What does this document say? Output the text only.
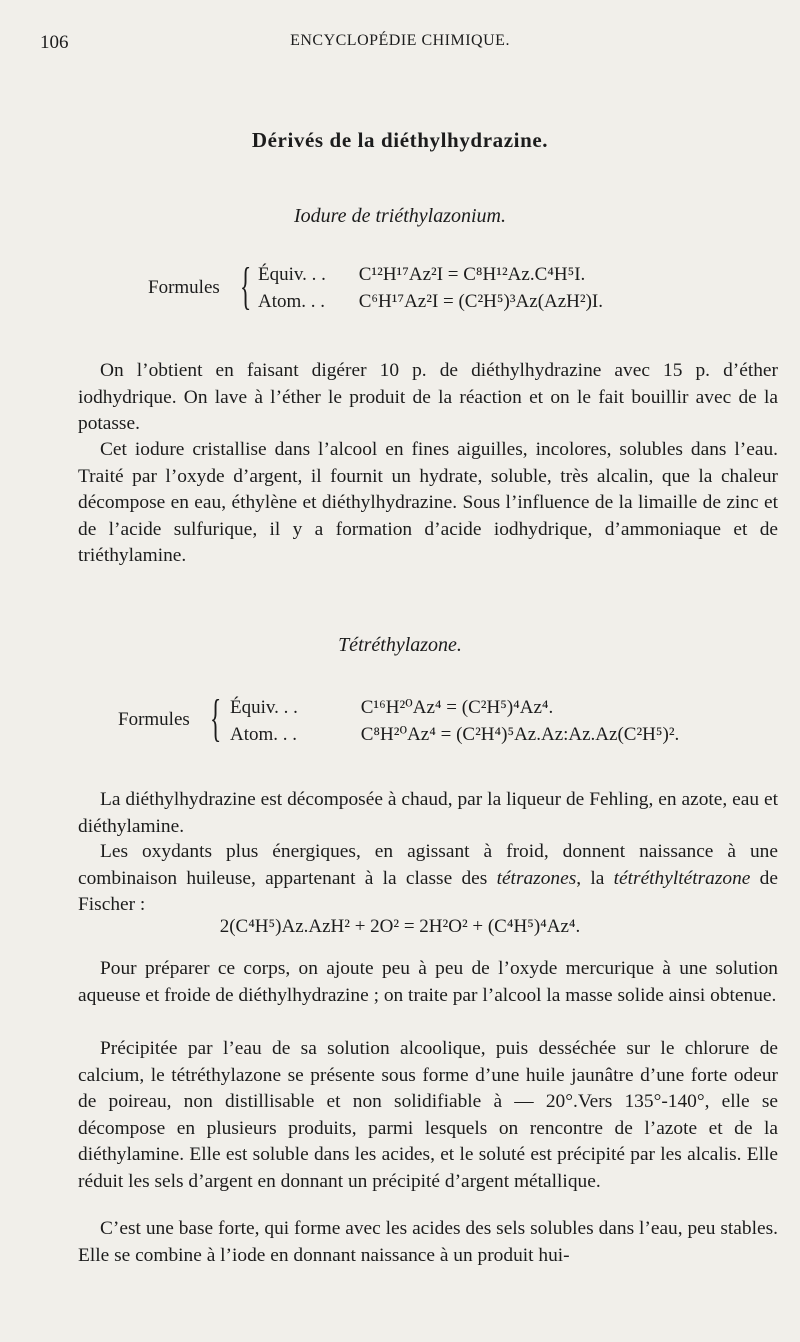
106	ENCYCLOPÉDIE CHIMIQUE.
Dérivés de la diéthylhydrazine.
Iodure de triéthylazonium.
Formules { Équiv. . . C¹²H¹⁷Az²I = C⁸H¹²Az.C⁴H⁵I.
Atom. . . C⁶H¹⁷Az²I = (C²H⁵)³Az(AzH²)I.

On l’obtient en faisant digérer 10 p. de diéthylhydrazine avec 15 p. d’éther iodhydrique. On lave à l’éther le produit de la réaction et on le fait bouillir avec de la potasse.

Cet iodure cristallise dans l’alcool en fines aiguilles, incolores, solubles dans l’eau. Traité par l’oxyde d’argent, il fournit un hydrate, soluble, très alcalin, que la chaleur décompose en eau, éthylène et diéthylhydrazine. Sous l’influence de la limaille de zinc et de l’acide sulfurique, il y a formation d’acide iodhydrique, d’ammoniaque et de triéthylamine.

Tétréthylazone.
Formules { Équiv. . .	C¹⁶H²⁰Az⁴ = (C²H⁵)⁴Az⁴.
Atom. . .	C⁸H²⁰Az⁴ = (C²H⁴)⁵Az.Az:Az.Az(C²H⁵)².

La diéthylhydrazine est décomposée à chaud, par la liqueur de Fehling, en azote, eau et diéthylamine.

Les oxydants plus énergiques, en agissant à froid, donnent naissance à une combinaison huileuse, appartenant à la classe des tétrazones, la tétréthyltétrazone de Fischer :

2(C⁴H⁵)Az.AzH² + 2O² = 2H²O² + (C⁴H⁵)⁴Az⁴.

Pour préparer ce corps, on ajoute peu à peu de l’oxyde mercurique à une solution aqueuse et froide de diéthylhydrazine ; on traite par l’alcool la masse solide ainsi obtenue.

Précipitée par l’eau de sa solution alcoolique, puis desséchée sur le chlorure de calcium, le tétréthylazone se présente sous forme d’une huile jaunâtre d’une forte odeur de poireau, non distillisable et non solidifiable à — 20°.Vers 135°-140°, elle se décompose en plusieurs produits, parmi lesquels on rencontre de l’azote et de la diéthylamine. Elle est soluble dans les acides, et le soluté est précipité par les alcalis. Elle réduit les sels d’argent en donnant un précipité d’argent métallique.

C’est une base forte, qui forme avec les acides des sels solubles dans l’eau, peu stables. Elle se combine à l’iode en donnant naissance à un produit hui-
